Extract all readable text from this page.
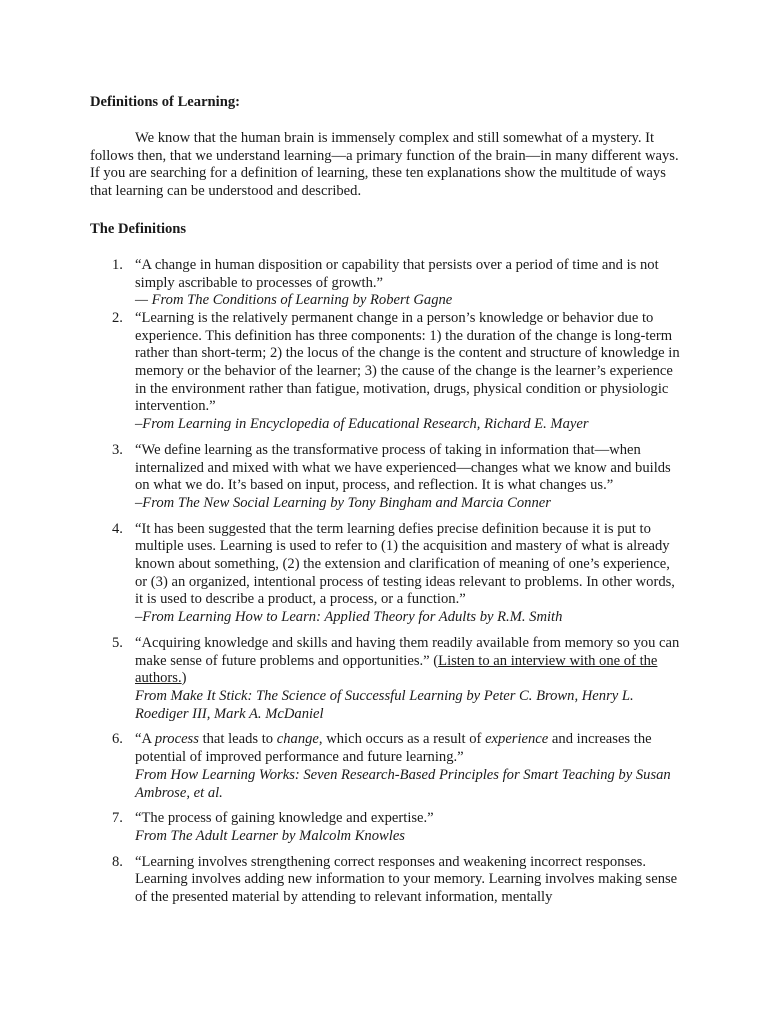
Definitions of Learning:

We know that the human brain is immensely complex and still somewhat of a mystery. It follows then, that we understand learning—a primary function of the brain—in many different ways. If you are searching for a definition of learning, these ten explanations show the multitude of ways that learning can be understood and described.

The Definitions

1. “A change in human disposition or capability that persists over a period of time and is not simply ascribable to processes of growth.”
— From The Conditions of Learning by Robert Gagne
2. “Learning is the relatively permanent change in a person’s knowledge or behavior due to experience. This definition has three components: 1) the duration of the change is long-term rather than short-term; 2) the locus of the change is the content and structure of knowledge in memory or the behavior of the learner; 3) the cause of the change is the learner’s experience in the environment rather than fatigue, motivation, drugs, physical condition or physiologic intervention.”
–From Learning in Encyclopedia of Educational Research, Richard E. Mayer
3. “We define learning as the transformative process of taking in information that—when internalized and mixed with what we have experienced—changes what we know and builds on what we do. It’s based on input, process, and reflection. It is what changes us.”
–From The New Social Learning by Tony Bingham and Marcia Conner
4. “It has been suggested that the term learning defies precise definition because it is put to multiple uses. Learning is used to refer to (1) the acquisition and mastery of what is already known about something, (2) the extension and clarification of meaning of one’s experience, or (3) an organized, intentional process of testing ideas relevant to problems. In other words, it is used to describe a product, a process, or a function.”
–From Learning How to Learn: Applied Theory for Adults by R.M. Smith
5. “Acquiring knowledge and skills and having them readily available from memory so you can make sense of future problems and opportunities.” (Listen to an interview with one of the authors.)
From Make It Stick: The Science of Successful Learning by Peter C. Brown, Henry L. Roediger III, Mark A. McDaniel
6. “A process that leads to change, which occurs as a result of experience and increases the potential of improved performance and future learning.”
From How Learning Works: Seven Research-Based Principles for Smart Teaching by Susan Ambrose, et al.
7. “The process of gaining knowledge and expertise.”
From The Adult Learner by Malcolm Knowles
8. “Learning involves strengthening correct responses and weakening incorrect responses. Learning involves adding new information to your memory. Learning involves making sense of the presented material by attending to relevant information, mentally
